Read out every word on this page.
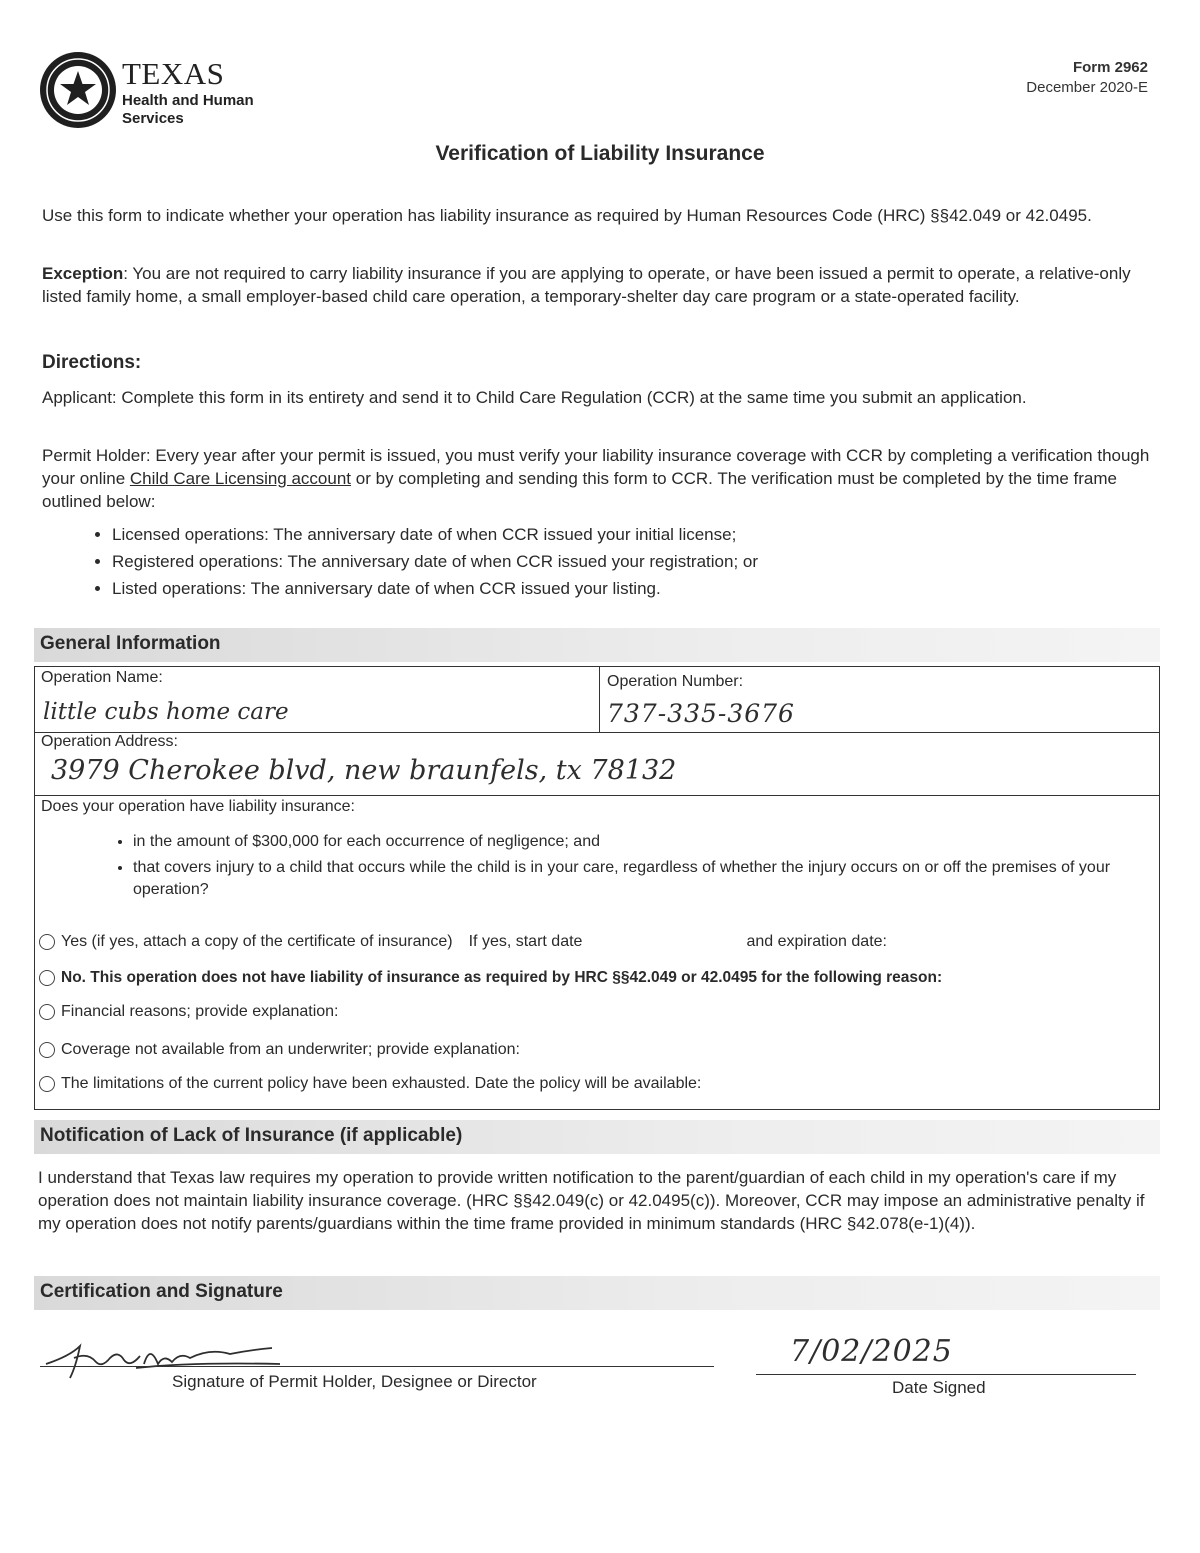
TEXAS
Health and Human Services
Form 2962
December 2020-E
Verification of Liability Insurance
Use this form to indicate whether your operation has liability insurance as required by Human Resources Code (HRC) §§42.049 or 42.0495.
Exception: You are not required to carry liability insurance if you are applying to operate, or have been issued a permit to operate, a relative-only listed family home, a small employer-based child care operation, a temporary-shelter day care program or a state-operated facility.
Directions:
Applicant: Complete this form in its entirety and send it to Child Care Regulation (CCR) at the same time you submit an application.
Permit Holder: Every year after your permit is issued, you must verify your liability insurance coverage with CCR by completing a verification though your online Child Care Licensing account or by completing and sending this form to CCR. The verification must be completed by the time frame outlined below:
• Licensed operations: The anniversary date of when CCR issued your initial license;
• Registered operations: The anniversary date of when CCR issued your registration; or
• Listed operations: The anniversary date of when CCR issued your listing.
General Information
Operation Name:
little cubs home care
Operation Number:
737-335-3676
Operation Address:
3979 Cherokee blvd, new braunfels, tx 78132
Does your operation have liability insurance:
• in the amount of $300,000 for each occurrence of negligence; and
• that covers injury to a child that occurs while the child is in your care, regardless of whether the injury occurs on or off the premises of your operation?
Yes (if yes, attach a copy of the certificate of insurance) If yes, start date	and expiration date:
No. This operation does not have liability of insurance as required by HRC §§42.049 or 42.0495 for the following reason:
Financial reasons; provide explanation:
Coverage not available from an underwriter; provide explanation:
The limitations of the current policy have been exhausted. Date the policy will be available:
Notification of Lack of Insurance (if applicable)
I understand that Texas law requires my operation to provide written notification to the parent/guardian of each child in my operation's care if my operation does not maintain liability insurance coverage. (HRC §§42.049(c) or 42.0495(c)). Moreover, CCR may impose an administrative penalty if my operation does not notify parents/guardians within the time frame provided in minimum standards (HRC §42.078(e-1)(4)).
Certification and Signature
Signature of Permit Holder, Designee or Director
7/02/2025
Date Signed
